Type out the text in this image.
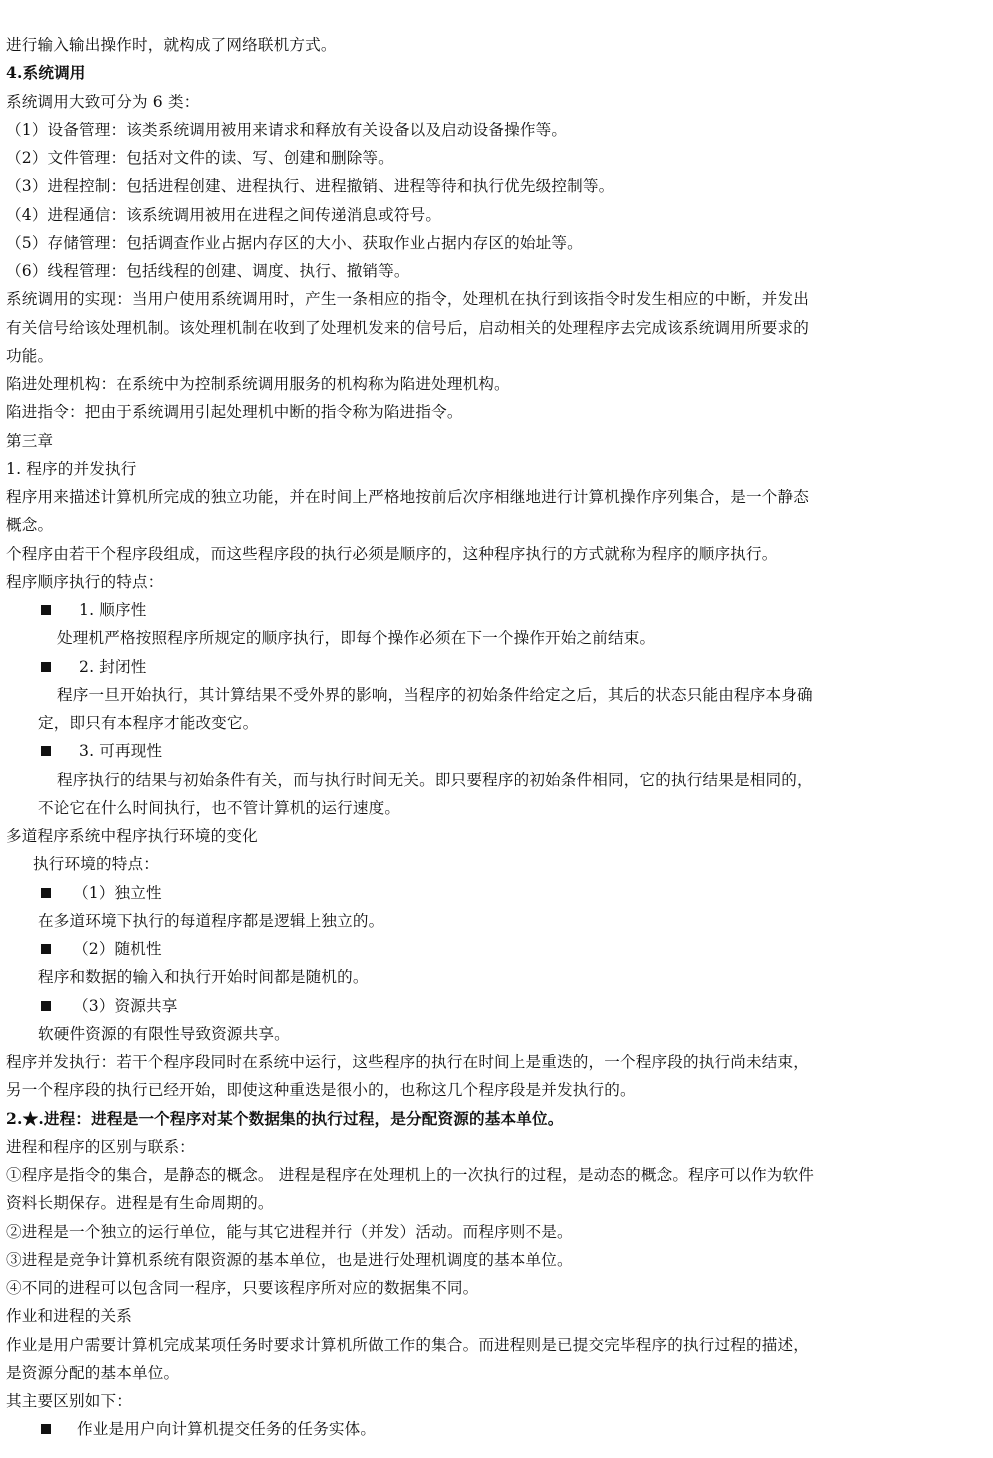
进行输入输出操作时，就构成了网络联机方式。
4.系统调用
系统调用大致可分为 6 类：
（1）设备管理：该类系统调用被用来请求和释放有关设备以及启动设备操作等。
（2）文件管理：包括对文件的读、写、创建和删除等。
（3）进程控制：包括进程创建、进程执行、进程撤销、进程等待和执行优先级控制等。
（4）进程通信：该系统调用被用在进程之间传递消息或符号。
（5）存储管理：包括调查作业占据内存区的大小、获取作业占据内存区的始址等。
（6）线程管理：包括线程的创建、调度、执行、撤销等。
系统调用的实现：当用户使用系统调用时，产生一条相应的指令，处理机在执行到该指令时发生相应的中断，并发出
有关信号给该处理机制。该处理机制在收到了处理机发来的信号后，启动相关的处理程序去完成该系统调用所要求的
功能。
陷进处理机构：在系统中为控制系统调用服务的机构称为陷进处理机构。
陷进指令：把由于系统调用引起处理机中断的指令称为陷进指令。
第三章
1. 程序的并发执行
程序用来描述计算机所完成的独立功能，并在时间上严格地按前后次序相继地进行计算机操作序列集合，是一个静态
概念。
个程序由若干个程序段组成，而这些程序段的执行必须是顺序的，这种程序执行的方式就称为程序的顺序执行。
程序顺序执行的特点：
1. 顺序性
处理机严格按照程序所规定的顺序执行，即每个操作必须在下一个操作开始之前结束。
2. 封闭性
程序一旦开始执行，其计算结果不受外界的影响，当程序的初始条件给定之后，其后的状态只能由程序本身确
定，即只有本程序才能改变它。
3. 可再现性
程序执行的结果与初始条件有关，而与执行时间无关。即只要程序的初始条件相同，它的执行结果是相同的，
不论它在什么时间执行，也不管计算机的运行速度。
多道程序系统中程序执行环境的变化
执行环境的特点：
（1）独立性
在多道环境下执行的每道程序都是逻辑上独立的。
（2）随机性
程序和数据的输入和执行开始时间都是随机的。
（3）资源共享
软硬件资源的有限性导致资源共享。
程序并发执行：若干个程序段同时在系统中运行，这些程序的执行在时间上是重迭的，一个程序段的执行尚未结束，
另一个程序段的执行已经开始，即使这种重迭是很小的，也称这几个程序段是并发执行的。
2.★.进程：进程是一个程序对某个数据集的执行过程，是分配资源的基本单位。
进程和程序的区别与联系：
①程序是指令的集合，是静态的概念。 进程是程序在处理机上的一次执行的过程，是动态的概念。程序可以作为软件
资料长期保存。进程是有生命周期的。
②进程是一个独立的运行单位，能与其它进程并行（并发）活动。而程序则不是。
③进程是竞争计算机系统有限资源的基本单位，也是进行处理机调度的基本单位。
④不同的进程可以包含同一程序，只要该程序所对应的数据集不同。
作业和进程的关系
作业是用户需要计算机完成某项任务时要求计算机所做工作的集合。而进程则是已提交完毕程序的执行过程的描述，
是资源分配的基本单位。
其主要区别如下：
作业是用户向计算机提交任务的任务实体。
